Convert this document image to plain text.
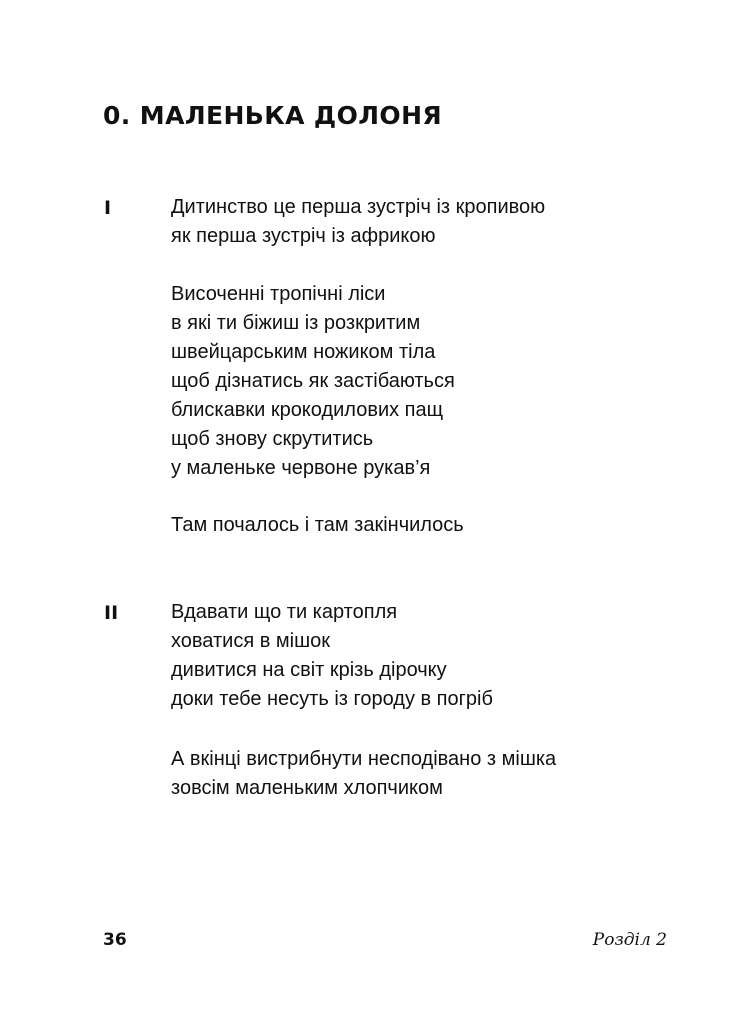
0. МАЛЕНЬКА ДОЛОНЯ
I	Дитинство це перша зустріч із кропивою
як перша зустріч із африкою
Височенні тропічні ліси
в які ти біжиш із розкритим
швейцарським ножиком тіла
щоб дізнатись як застібаються
блискавки крокодилових пащ
щоб знову скрутитись
у маленьке червоне рукав’я
Там почалось і там закінчилось
II	Вдавати що ти картопля
ховатися в мішок
дивитися на світ крізь дірочку
доки тебе несуть із городу в погріб
А вкінці вистрибнути несподівано з мішка
зовсім маленьким хлопчиком
36	Розділ 2
